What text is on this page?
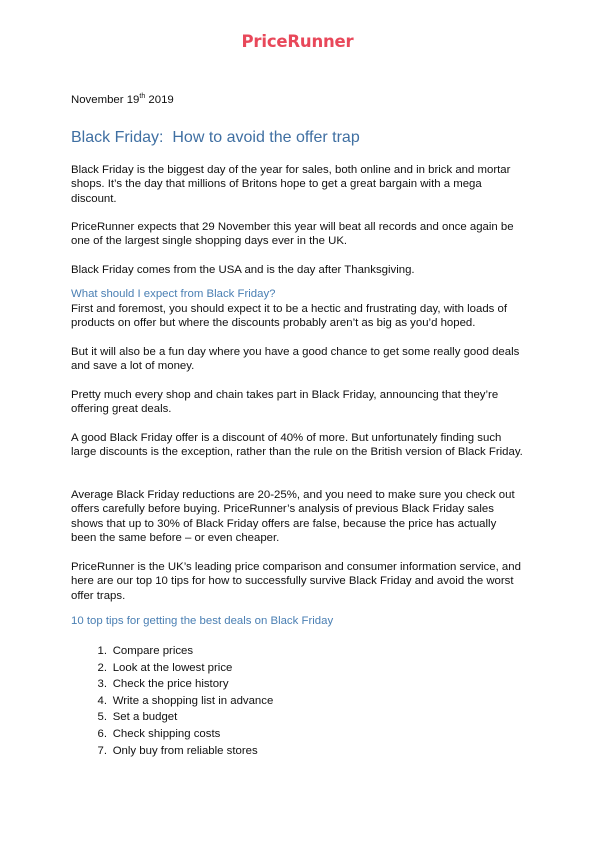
PriceRunner
November 19th 2019
Black Friday:  How to avoid the offer trap

Black Friday is the biggest day of the year for sales, both online and in brick and mortar shops. It’s the day that millions of Britons hope to get a great bargain with a mega discount.

PriceRunner expects that 29 November this year will beat all records and once again be one of the largest single shopping days ever in the UK.

Black Friday comes from the USA and is the day after Thanksgiving.

What should I expect from Black Friday?

First and foremost, you should expect it to be a hectic and frustrating day, with loads of products on offer but where the discounts probably aren’t as big as you’d hoped.

But it will also be a fun day where you have a good chance to get some really good deals and save a lot of money.

Pretty much every shop and chain takes part in Black Friday, announcing that they’re offering great deals.

A good Black Friday offer is a discount of 40% of more. But unfortunately finding such large discounts is the exception, rather than the rule on the British version of Black Friday.

Average Black Friday reductions are 20-25%, and you need to make sure you check out offers carefully before buying. PriceRunner’s analysis of previous Black Friday sales shows that up to 30% of Black Friday offers are false, because the price has actually been the same before – or even cheaper.

PriceRunner is the UK’s leading price comparison and consumer information service, and here are our top 10 tips for how to successfully survive Black Friday and avoid the worst offer traps.

10 top tips for getting the best deals on Black Friday
1. Compare prices
2. Look at the lowest price
3. Check the price history
4. Write a shopping list in advance
5. Set a budget
6. Check shipping costs
7. Only buy from reliable stores
